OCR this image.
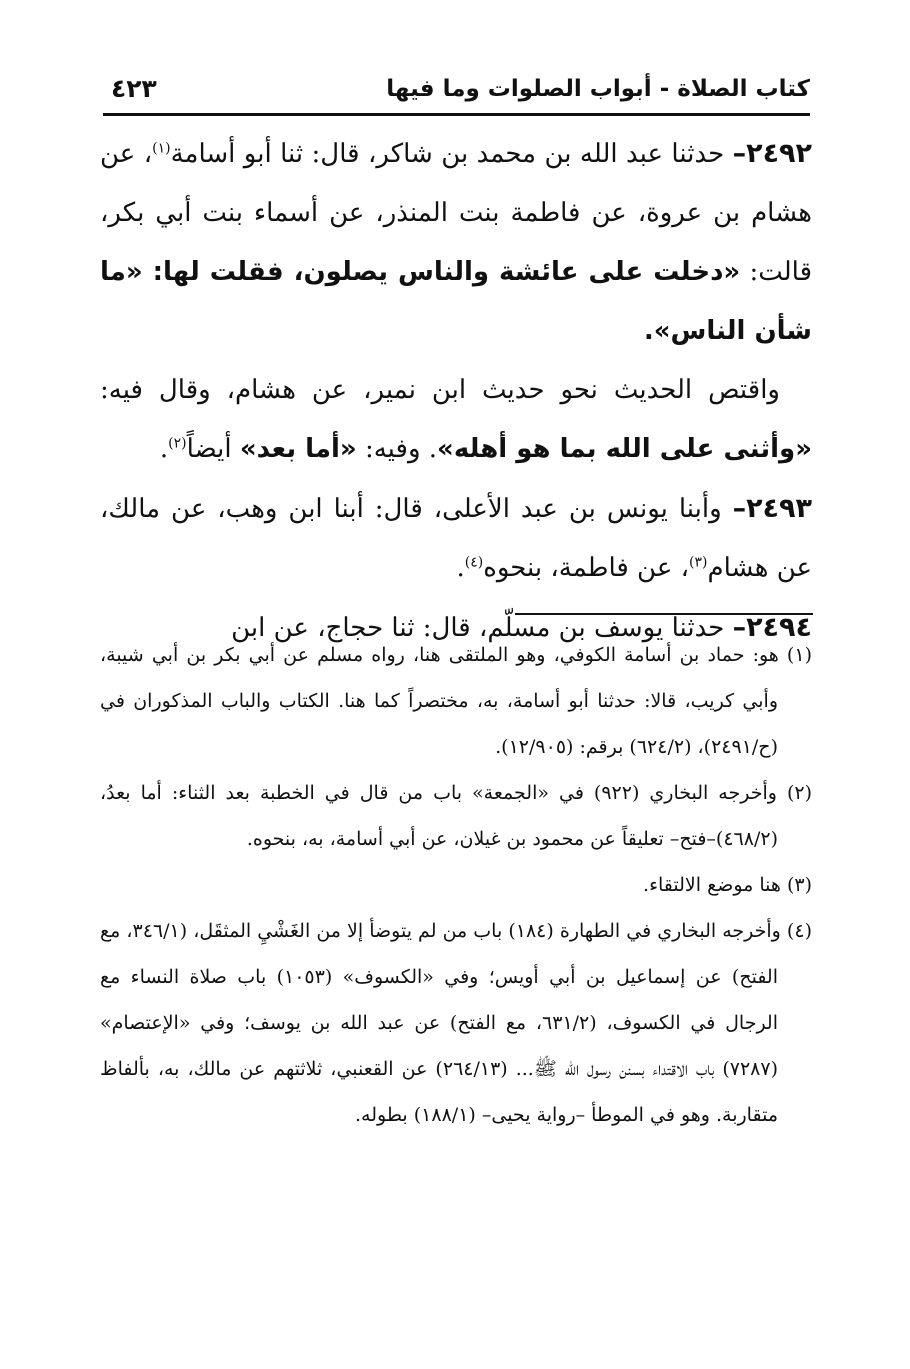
كتاب الصلاة - أبواب الصلوات وما فيها
٤٢٣

٢٤٩٢– حدثنا عبد الله بن محمد بن شاكر، قال: ثنا أبو أسامة$^{(١)}$، عن هشام بن عروة، عن فاطمة بنت المنذر، عن أسماء بنت أبي بكر، قالت: «دخلت على عائشة والناس يصلون، فقلت لها: «ما شأن الناس».

واقتص الحديث نحو حديث ابن نمير، عن هشام، وقال فيه: «وأثنى على الله بما هو أهله». وفيه: «أما بعد» أيضاً$^{(٢)}$.

٢٤٩٣– وأبنا يونس بن عبد الأعلى، قال: أبنا ابن وهب، عن مالك، عن هشام$^{(٣)}$، عن فاطمة، بنحوه$^{(٤)}$.

٢٤٩٤– حدثنا يوسف بن مسلّم، قال: ثنا حجاج، عن ابن

(١) هو: حماد بن أسامة الكوفي، وهو الملتقى هنا، رواه مسلم عن أبي بكر بن أبي شيبة، وأبي كريب، قالا: حدثنا أبو أسامة، به، مختصراً كما هنا. الكتاب والباب المذكوران في (ح/٢٤٩١)، (٦٢٤/٢) برقم: (١٢/٩٠٥).

(٢) وأخرجه البخاري (٩٢٢) في «الجمعة» باب من قال في الخطبة بعد الثناء: أما بعدُ، (٤٦٨/٢)–فتح– تعليقاً عن محمود بن غيلان، عن أبي أسامة، به، بنحوه.

(٣) هنا موضع الالتقاء.

(٤) وأخرجه البخاري في الطهارة (١٨٤) باب من لم يتوضأ إلا من الغَشْيِ المثقَل، (٣٤٦/١، مع الفتح) عن إسماعيل بن أبي أويس؛ وفي «الكسوف» (١٠٥٣) باب صلاة النساء مع الرجال في الكسوف، (٦٣١/٢، مع الفتح) عن عبد الله بن يوسف؛ وفي «الإعتصام» (٧٢٨٧) باب الاقتداء بسنن رسول الله ﷺ... (٢٦٤/١٣) عن القعنبي، ثلاثتهم عن مالك، به، بألفاظ متقاربة. وهو في الموطأ –رواية يحيى– (١٨٨/١) بطوله.
